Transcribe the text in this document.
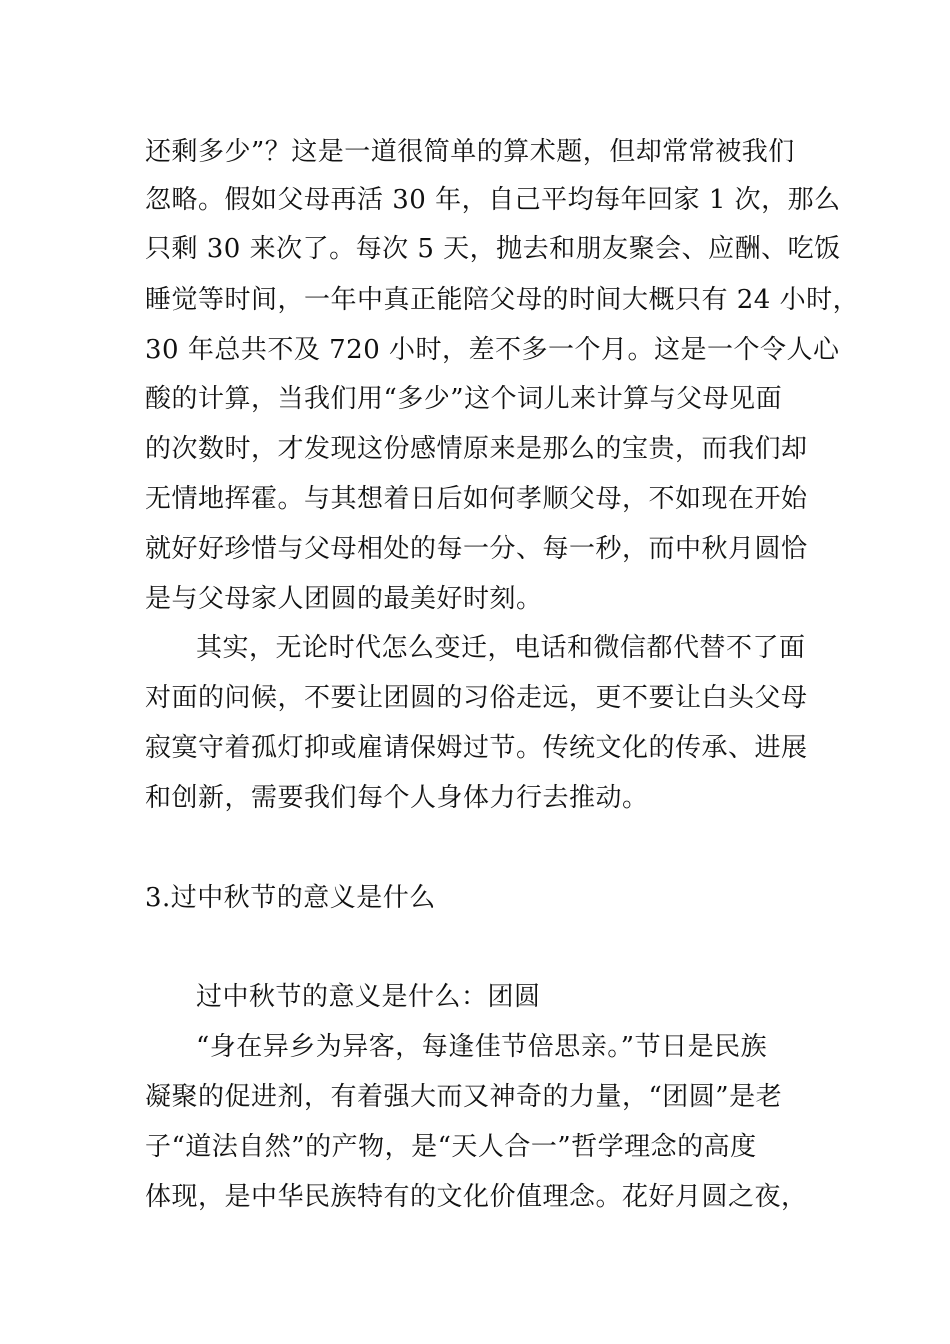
还剩多少”？这是一道很简单的算术题，但却常常被我们
忽略。假如父母再活 30 年，自己平均每年回家 1 次，那么
只剩 30 来次了。每次 5 天，抛去和朋友聚会、应酬、吃饭
睡觉等时间，一年中真正能陪父母的时间大概只有 24 小时，
30 年总共不及 720 小时，差不多一个月。这是一个令人心
酸的计算，当我们用“多少”这个词儿来计算与父母见面
的次数时，才发现这份感情原来是那么的宝贵，而我们却
无情地挥霍。与其想着日后如何孝顺父母，不如现在开始
就好好珍惜与父母相处的每一分、每一秒，而中秋月圆恰
是与父母家人团圆的最美好时刻。
其实，无论时代怎么变迁，电话和微信都代替不了面
对面的问候，不要让团圆的习俗走远，更不要让白头父母
寂寞守着孤灯抑或雇请保姆过节。传统文化的传承、进展
和创新，需要我们每个人身体力行去推动。
3.过中秋节的意义是什么
过中秋节的意义是什么：团圆
“身在异乡为异客，每逢佳节倍思亲。”节日是民族
凝聚的促进剂，有着强大而又神奇的力量，“团圆”是老
子“道法自然”的产物，是“天人合一”哲学理念的高度
体现，是中华民族特有的文化价值理念。花好月圆之夜，
